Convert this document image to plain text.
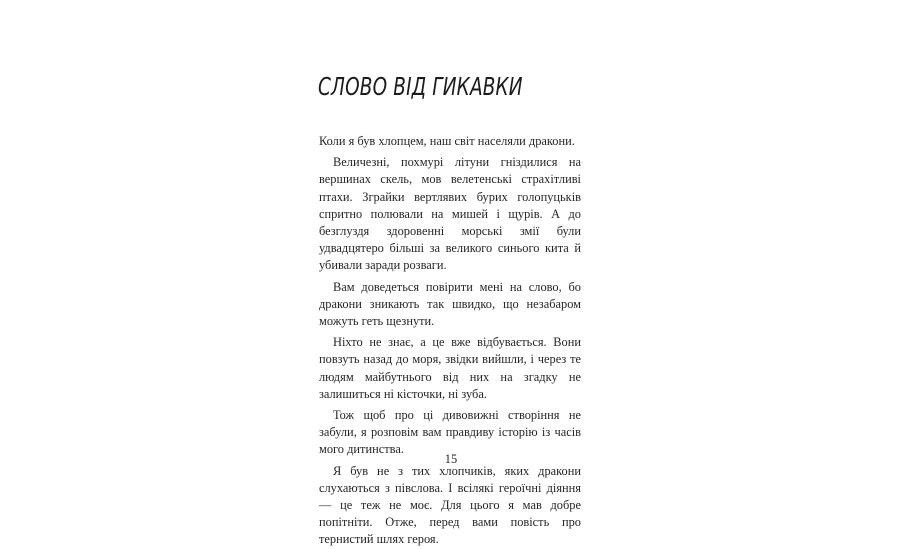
СЛОВО ВІД ГИКАВКИ

Коли я був хлопцем, наш світ населяли дракони.

Величезні, похмурі літуни гніздилися на вершинах скель, мов велетенські страхітливі птахи. Зграйки вертлявих бурих голопуцьків спритно полювали на мишей і щурів. А до безглуздя здоровенні морські змії були удвадцятеро більші за великого синього кита й убивали заради розваги.

Вам доведеться повірити мені на слово, бо дракони зникають так швидко, що незабаром можуть геть щезнути.

Ніхто не знає, а це вже відбувається. Вони повзуть назад до моря, звідки вийшли, і через те людям майбутнього від них на згадку не залишиться ні кісточки, ні зуба.

Тож щоб про ці дивовижні створіння не забули, я розповім вам правдиву історію із часів мого дитинства.

Я був не з тих хлопчиків, яких дракони слухаються з півслова. І всілякі героїчні діяння — це теж не моє. Для цього я мав добре попітніти. Отже, перед вами повість про тернистий шлях героя.

15
